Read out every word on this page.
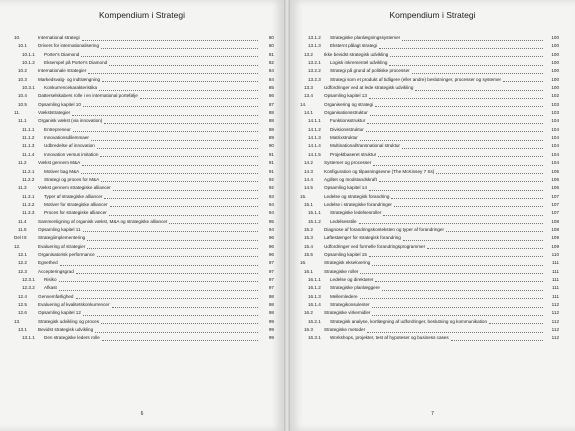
Kompendium i Strategi
10.	International strategi	80
10.1 Drivers for internationalisering	80
10.1.1 Porter's Diamond	81
10.1.2 Eksempel på Porter's Diamond	82
10.2 Internationale strategier	84
10.3 Markedsvalg- og indtrængning	84
10.3.1 Konkurrencekarakteristika	85
10.4 Datterselskabers rolle i en international portefølje	86
10.5 Opsamling kapitel 10	87
11.	Vækststrategier	88
11.1 Organisk vækst (via innovation)	88
11.1.1 Entrepreneur	88
11.1.2 Innovationsdilemmaer	89
11.1.3 Udbredelse af innovation	90
11.1.4 Innovation versus imitation	91
11.2 Vækst gennem M&A	91
11.2.1 Motiver bag M&A	91
11.2.2 Strategi og proces for M&A	92
11.3 Vækst gennem strategiske alliancer	92
11.3.1 Typer af strategiske alliancer	93
11.3.2 Motiver for strategiske alliancer	94
11.3.3 Proces for strategiske alliancer	94
11.4 Sammenligning af organisk vækst, M&A og strategiske alliancer	95
11.5 Opsamling kapitel 11	94
Del III: Strategiimplementering	96
12.	Evaluering af strategier	96
12.1 Organisatorisk performance	96
12.2 Egnethed	97
12.3 Accepteringsgrad	97
12.3.1 Risiko	97
12.3.2 Afkast	97
12.4 Gennemførlighed	98
12.5 Evaluering af kvalitetskonkurrencer	98
12.6 Opsamling kapitel 12	98
13.	Strategisk udvikling og proces	99
13.1 Bevidst strategisk udvikling	99
13.1.1 Den strategiske leders rolle	99
6
Kompendium i Strategi
13.1.2 Strategiske planlægningssystemer	100
13.1.3 Eksternt pålagt strategi	100
13.2 Ikke bevidst strategisk udvikling	100
13.2.1 Logisk inkrementel udvikling	100
13.2.2 Strategi på grund af politiske processer	100
13.2.3 Strategi som et produkt af tidligere (eller andre) beslutninger, processer og systemer	100
13.3 Udfordringer ved at lede strategisk udvikling	100
13.4 Opsamling kapitel 13	102
14.	Organisering og strategi	103
14.1 Organisationsstruktur	103
14.1.1 Funktionsstruktur	104
14.1.2 Divisionsstruktur	104
14.1.3 Matrixstruktur	104
14.1.4 Multinational/transnational struktur	104
14.1.5 Projektbaseret struktur	104
14.2 Systemer og processer	104
14.3 Konfiguration og tilpasningsevne (The McKinsey 7 Ss)	105
14.4 Agilitet og modstandskraft	106
14.5 Opsamling kapitel 14	106
15.	Ledelse og strategisk forandring	107
15.1 Ledelse i strategiske forandringer	107
15.1.1 Strategiske ledelsesroller	107
15.1.2 Ledelsesstile	108
15.2 Diagnose af forandringskonteksten og typer af forandringer	108
15.3 Løftestænger for strategisk forandring	109
15.4 Udfordringer ved formelle forandringsprogrammer	109
15.5 Opsamling kapitel 15	110
16.	Strategisk eksekvering	111
16.1 Strategiske roller	111
16.1.1 Ledelse og direktører	111
16.1.2 Strategiske planlæggere	111
16.1.3 Mellemledere	111
16.1.4 Strategikonsulenter	112
16.2 Strategiske virkemidler	112
16.2.1 Strategisk analyse, kortlægning af udfordringer, beslutning og kommunikation	112
16.3 Strategiske metoder	112
16.3.1 Workshops, projekter, test af hypoteser og business cases	112
7
